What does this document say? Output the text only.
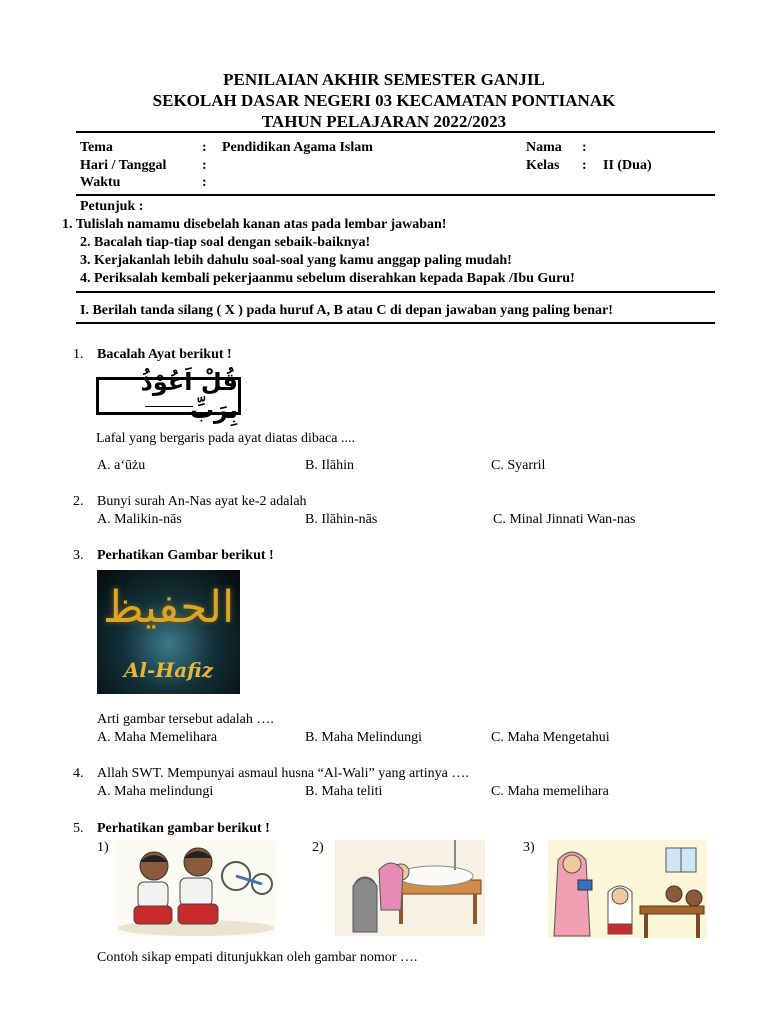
PENILAIAN AKHIR SEMESTER GANJIL
SEKOLAH DASAR NEGERI 03 KECAMATAN PONTIANAK
TAHUN PELAJARAN 2022/2023
Tema	: Pendidikan Agama Islam
Hari / Tanggal	:
Waktu	:
Nama :
Kelas : II (Dua)
Petunjuk :
1. Tulislah namamu disebelah kanan atas pada lembar jawaban!
2. Bacalah tiap-tiap soal dengan sebaik-baiknya!
3. Kerjakanlah lebih dahulu soal-soal yang kamu anggap paling mudah!
4. Periksalah kembali pekerjaanmu sebelum diserahkan kepada Bapak /Ibu Guru!
I. Berilah tanda silang ( X ) pada huruf A, B atau C di depan jawaban yang paling benar!
1. Bacalah Ayat berikut !
قُلْ اَعُوْذُ بِرَبِّ
Lafal yang bergaris pada ayat diatas dibaca ....
A. aʻūżu	B. Ilāhin	C. Syarril
2. Bunyi surah An-Nas ayat ke-2 adalah
A. Malikin-nās	B. Ilāhin-nās	C. Minal Jinnati Wan-nas
3. Perhatikan Gambar berikut !
الحفيظ
Al-Hafiz
Arti gambar tersebut adalah ….
A. Maha Memelihara	B. Maha Melindungi	C. Maha Mengetahui
4. Allah SWT. Mempunyai asmaul husna “Al-Wali” yang artinya ….
A. Maha melindungi	B. Maha teliti	C. Maha memelihara
5. Perhatikan gambar berikut !
1)	2)	3)
Contoh sikap empati ditunjukkan oleh gambar nomor ….
